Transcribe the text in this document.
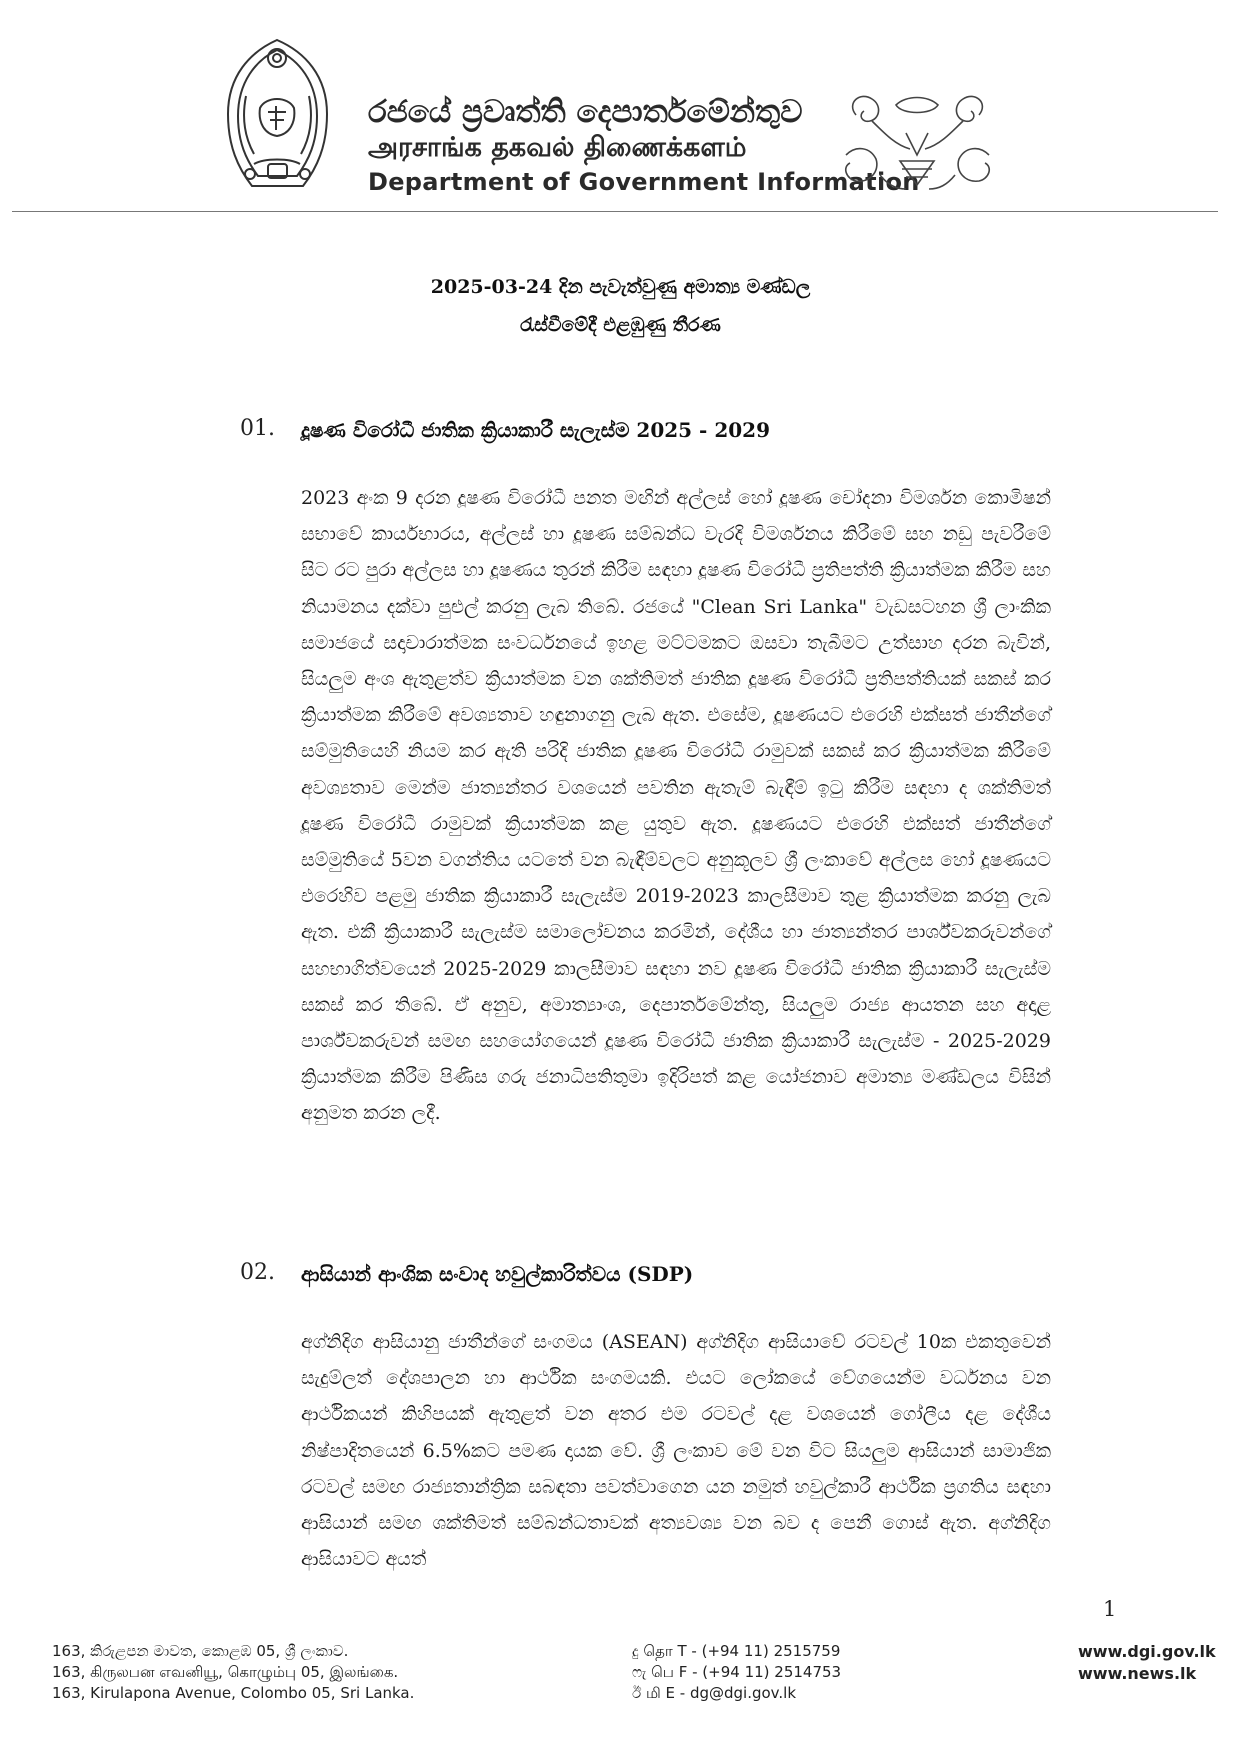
රජයේ ප්‍රවෘත්ති දෙපාර්තමේන්තුව
அரசாங்க தகவல் திணைக்களம்
Department of Government Information
2025-03-24 දින පැවැත්වුණු අමාත්‍ය මණ්ඩල
රැස්වීමේදී එළඹුණු තීරණ
01. දූෂණ විරෝධී ජාතික ක්‍රියාකාරී සැලැස්ම 2025 - 2029

2023 අංක 9 දරන දූෂණ විරෝධී පනත මඟින් අල්ලස් හෝ දූෂණ චෝදනා විමර්ශන කොමිෂන් සභාවේ කාර්යභාරය, අල්ලස් හා දූෂණ සම්බන්ධ වැරදි විමර්ශනය කිරීමේ සහ නඩු පැවරීමේ සිට රට පුරා අල්ලස හා දූෂණය තුරන් කිරීම සඳහා දූෂණ විරෝධී ප්‍රතිපත්ති ක්‍රියාත්මක කිරීම සහ නියාමනය දක්වා පුළුල් කරනු ලැබ තිබේ. රජයේ "Clean Sri Lanka" වැඩසටහන ශ්‍රී ලාංකික සමාජයේ සදාචාරාත්මක සංවර්ධනයේ ඉහළ මට්ටමකට ඔසවා තැබීමට උත්සාහ දරන බැවින්, සියලුම අංශ ඇතුළත්ව ක්‍රියාත්මක වන ශක්තිමත් ජාතික දූෂණ විරෝධී ප්‍රතිපත්තියක් සකස් කර ක්‍රියාත්මක කිරීමේ අවශ්‍යතාව හඳුනාගනු ලැබ ඇත. එසේම, දූෂණයට එරෙහි එක්සත් ජාතීන්ගේ සම්මුතියෙහි නියම කර ඇති පරිදි ජාතික දූෂණ විරෝධී රාමුවක් සකස් කර ක්‍රියාත්මක කිරීමේ අවශ්‍යතාව මෙන්ම ජාත්‍යන්තර වශයෙන් පවතින ඇතැම් බැඳීම් ඉටු කිරීම සඳහා ද ශක්තිමත් දූෂණ විරෝධී රාමුවක් ක්‍රියාත්මක කළ යුතුව ඇත. දූෂණයට එරෙහි එක්සත් ජාතීන්ගේ සම්මුතියේ 5වන වගන්තිය යටතේ වන බැඳීම්වලට අනුකූලව ශ්‍රී ලංකාවේ අල්ලස හෝ දූෂණයට එරෙහිව පළමු ජාතික ක්‍රියාකාරී සැලැස්ම 2019-2023 කාලසීමාව තුළ ක්‍රියාත්මක කරනු ලැබ ඇත. එකී ක්‍රියාකාරී සැලැස්ම සමාලෝචනය කරමින්, දේශීය හා ජාත්‍යන්තර පාර්ශ්වකරුවන්ගේ සහභාගිත්වයෙන් 2025-2029 කාලසීමාව සඳහා නව දූෂණ විරෝධී ජාතික ක්‍රියාකාරී සැලැස්ම සකස් කර තිබේ. ඒ අනුව, අමාත්‍යාංශ, දෙපාර්තමේන්තු, සියලුම රාජ්‍ය ආයතන සහ අදාළ පාර්ශ්වකරුවන් සමඟ සහයෝගයෙන් දූෂණ විරෝධී ජාතික ක්‍රියාකාරී සැලැස්ම - 2025-2029 ක්‍රියාත්මක කිරීම පිණිස ගරු ජනාධිපතිතුමා ඉදිරිපත් කළ යෝජනාව අමාත්‍ය මණ්ඩලය විසින් අනුමත කරන ලදී.

02. ආසියාන් ආංශික සංවාද හවුල්කාරිත්වය (SDP)

අග්නිදිග ආසියානු ජාතීන්ගේ සංගමය (ASEAN) අග්නිදිග ආසියාවේ රටවල් 10ක එකතුවෙන් සැදුම්ලත් දේශපාලන හා ආර්ථික සංගමයකි. එයට ලෝකයේ වේගයෙන්ම වර්ධනය වන ආර්ථිකයන් කිහිපයක් ඇතුළත් වන අතර එම රටවල් දළ වශයෙන් ගෝලීය දළ දේශීය නිෂ්පාදිතයෙන් 6.5%කට පමණ දායක වේ. ශ්‍රී ලංකාව මේ වන විට සියලුම ආසියාන් සාමාජික රටවල් සමඟ රාජ්‍යතාන්ත්‍රික සබඳතා පවත්වාගෙන යන නමුත් හවුල්කාරී ආර්ථික ප්‍රගතිය සඳහා ආසියාන් සමඟ ශක්තිමත් සම්බන්ධතාවක් අත්‍යවශ්‍ය වන බව ද පෙනී ගොස් ඇත. අග්නිදිග ආසියාවට අයත්

1
163, කිරුළපන මාවත, කොළඹ 05, ශ්‍රී ලංකාව.
163, கிருலபன எவனியூ, கொழும்பு 05, இலங்கை.
163, Kirulapona Avenue, Colombo 05, Sri Lanka.
දු தொ T - (+94 11) 2515759
ෆැ பெ F - (+94 11) 2514753
ඊ மி E - dg@dgi.gov.lk
www.dgi.gov.lk
www.news.lk
